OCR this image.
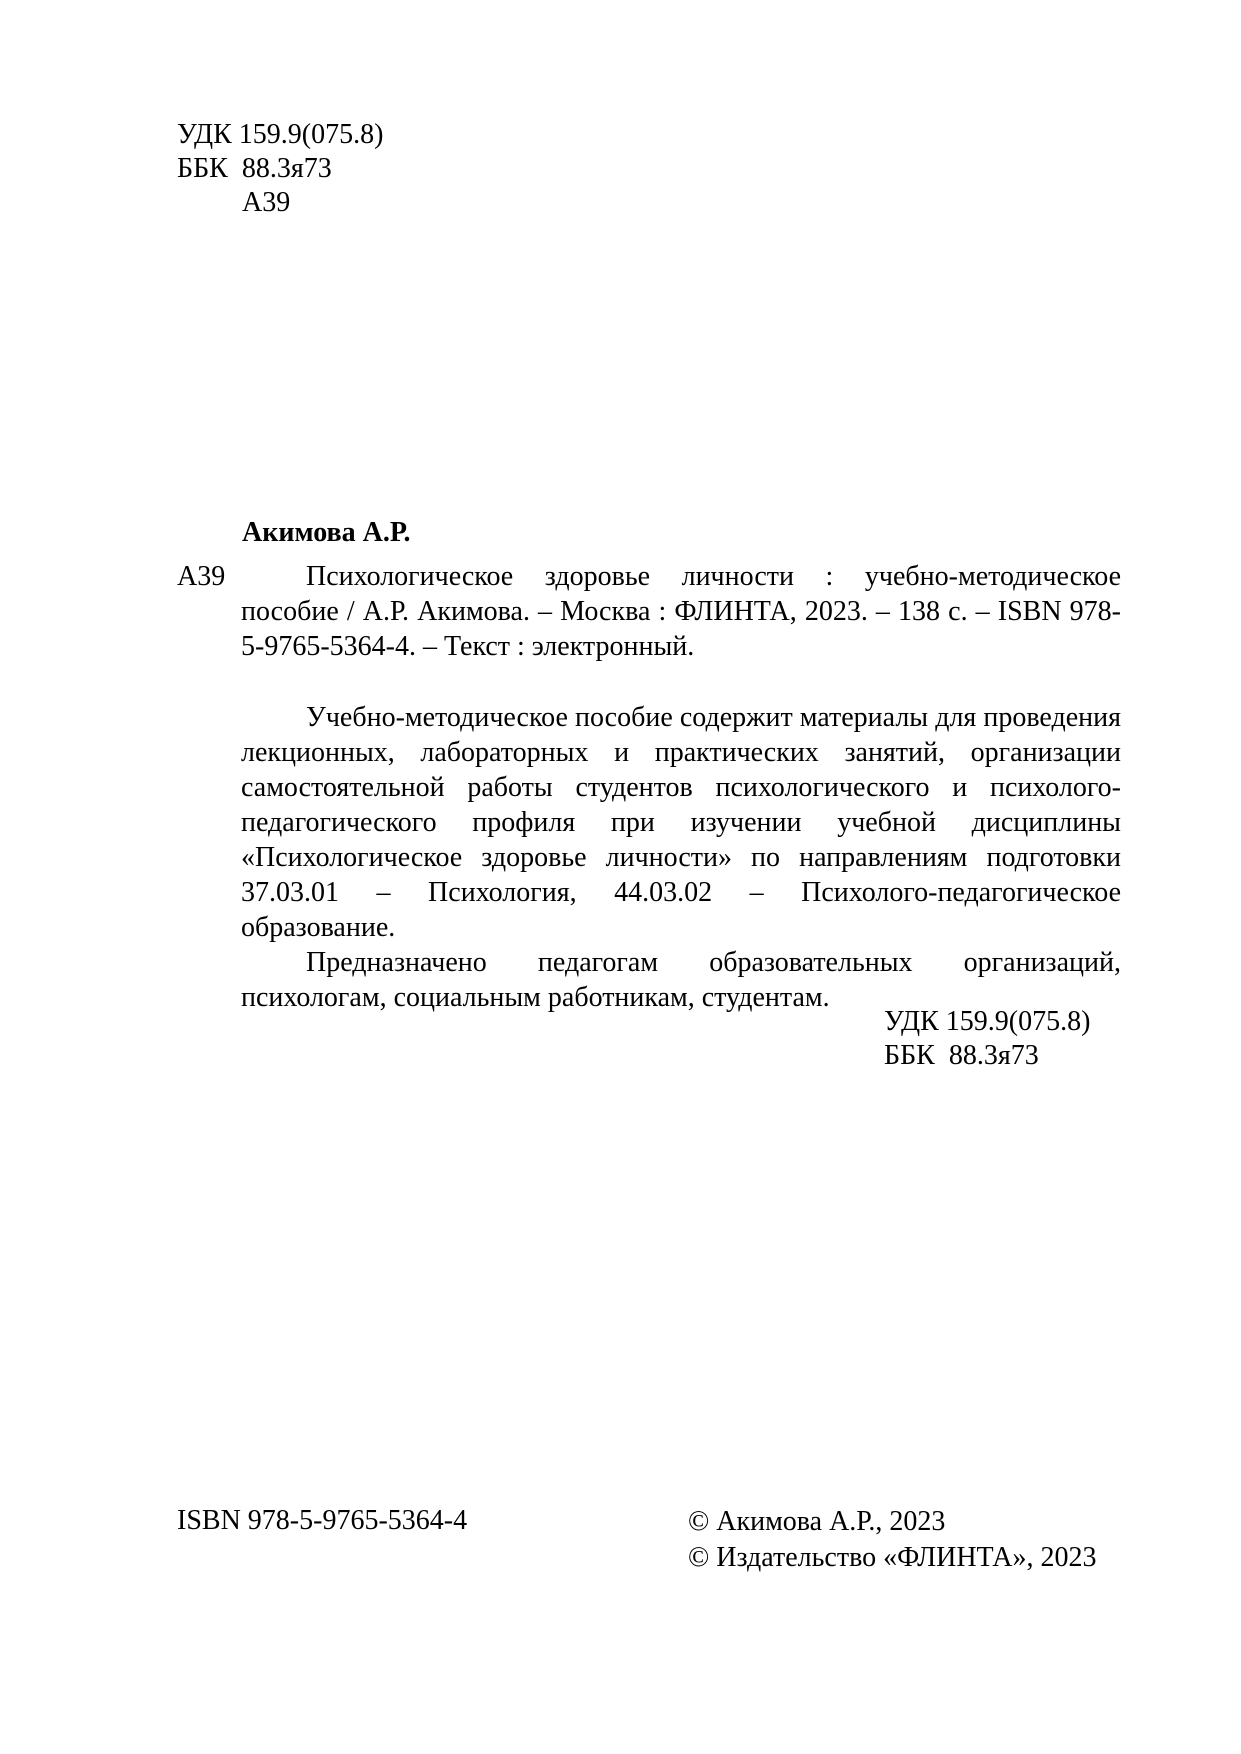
УДК 159.9(075.8)
ББК  88.3я73
А39
Акимова А.Р.
А39	Психологическое здоровье личности : учебно-методическое пособие / А.Р. Акимова. – Москва : ФЛИНТА, 2023. – 138 с. – ISBN 978-5-9765-5364-4. – Текст : электронный.

Учебно-методическое пособие содержит материалы для проведения лекционных, лабораторных и практических занятий, организации самостоятельной работы студентов психологического и психолого-педагогического профиля при изучении учебной дисциплины «Психологическое здоровье личности» по направлениям подготовки 37.03.01 – Психология, 44.03.02 – Психолого-педагогическое образование.

Предназначено педагогам образовательных организаций, психологам, социальным работникам, студентам.

УДК 159.9(075.8)
ББК  88.3я73
ISBN 978-5-9765-5364-4	© Акимова А.Р., 2023
© Издательство «ФЛИНТА», 2023
